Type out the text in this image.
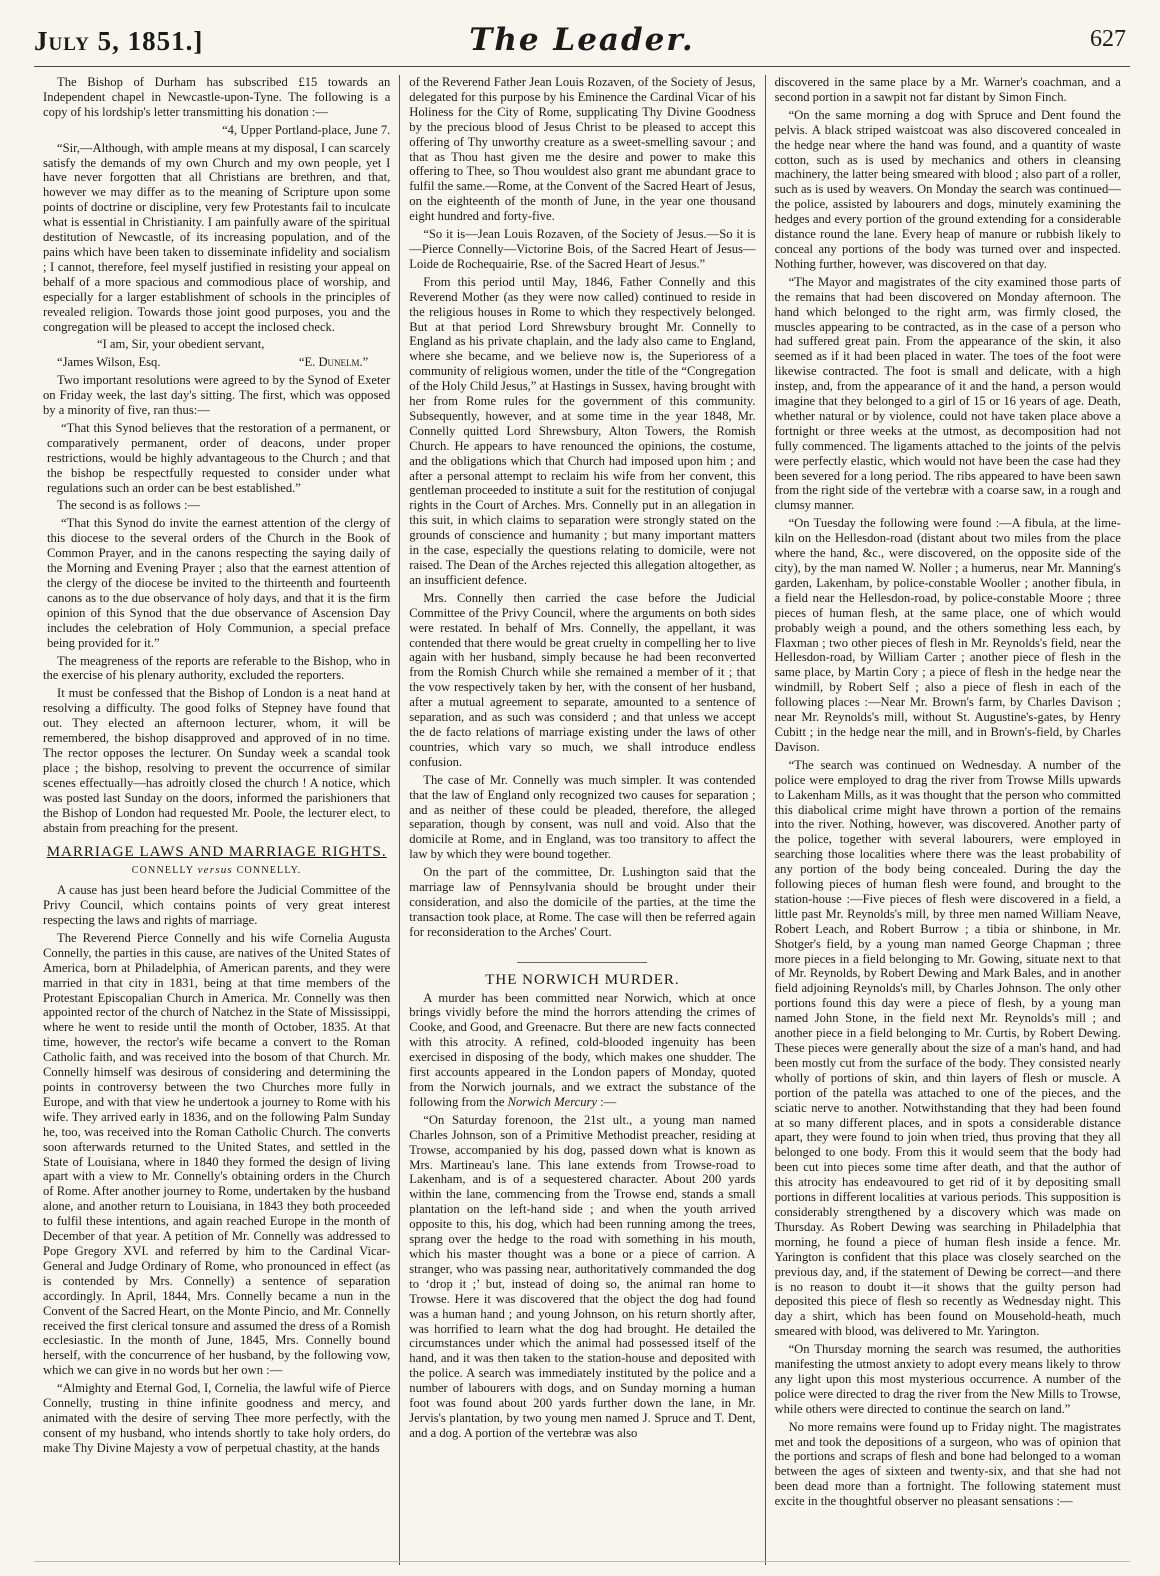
July 5, 1851.]	The Leader.	627

The Bishop of Durham has subscribed £15 towards an Independent chapel in Newcastle-upon-Tyne. The following is a copy of his lordship's letter transmitting his donation :—

“4, Upper Portland-place, June 7.

“Sir,—Although, with ample means at my disposal, I can scarcely satisfy the demands of my own Church and my own people, yet I have never forgotten that all Christians are brethren, and that, however we may differ as to the meaning of Scripture upon some points of doctrine or discipline, very few Protestants fail to inculcate what is essential in Christianity. I am painfully aware of the spiritual destitution of Newcastle, of its increasing population, and of the pains which have been taken to disseminate infidelity and socialism ; I cannot, therefore, feel myself justified in resisting your appeal on behalf of a more spacious and commodious place of worship, and especially for a larger establishment of schools in the principles of revealed religion. Towards those joint good purposes, you and the congregation will be pleased to accept the inclosed check.

“I am, Sir, your obedient servant,

“James Wilson, Esq.	“E. Dunelm.”

Two important resolutions were agreed to by the Synod of Exeter on Friday week, the last day's sitting. The first, which was opposed by a minority of five, ran thus:—

“That this Synod believes that the restoration of a permanent, or comparatively permanent, order of deacons, under proper restrictions, would be highly advantageous to the Church ; and that the bishop be respectfully requested to consider under what regulations such an order can be best established.”

The second is as follows :—

“That this Synod do invite the earnest attention of the clergy of this diocese to the several orders of the Church in the Book of Common Prayer, and in the canons respecting the saying daily of the Morning and Evening Prayer ; also that the earnest attention of the clergy of the diocese be invited to the thirteenth and fourteenth canons as to the due observance of holy days, and that it is the firm opinion of this Synod that the due observance of Ascension Day includes the celebration of Holy Communion, a special preface being provided for it.”

The meagreness of the reports are referable to the Bishop, who in the exercise of his plenary authority, excluded the reporters.

It must be confessed that the Bishop of London is a neat hand at resolving a difficulty. The good folks of Stepney have found that out. They elected an afternoon lecturer, whom, it will be remembered, the bishop disapproved and approved of in no time. The rector opposes the lecturer. On Sunday week a scandal took place ; the bishop, resolving to prevent the occurrence of similar scenes effectually—has adroitly closed the church ! A notice, which was posted last Sunday on the doors, informed the parishioners that the Bishop of London had requested Mr. Poole, the lecturer elect, to abstain from preaching for the present.

MARRIAGE LAWS AND MARRIAGE RIGHTS.
CONNELLY versus CONNELLY.

A cause has just been heard before the Judicial Committee of the Privy Council, which contains points of very great interest respecting the laws and rights of marriage.

The Reverend Pierce Connelly and his wife Cornelia Augusta Connelly, the parties in this cause, are natives of the United States of America, born at Philadelphia, of American parents, and they were married in that city in 1831, being at that time members of the Protestant Episcopalian Church in America. Mr. Connelly was then appointed rector of the church of Natchez in the State of Mississippi, where he went to reside until the month of October, 1835. At that time, however, the rector's wife became a convert to the Roman Catholic faith, and was received into the bosom of that Church. Mr. Connelly himself was desirous of considering and determining the points in controversy between the two Churches more fully in Europe, and with that view he undertook a journey to Rome with his wife. They arrived early in 1836, and on the following Palm Sunday he, too, was received into the Roman Catholic Church. The converts soon afterwards returned to the United States, and settled in the State of Louisiana, where in 1840 they formed the design of living apart with a view to Mr. Connelly's obtaining orders in the Church of Rome. After another journey to Rome, undertaken by the husband alone, and another return to Louisiana, in 1843 they both proceeded to fulfil these intentions, and again reached Europe in the month of December of that year. A petition of Mr. Connelly was addressed to Pope Gregory XVI. and referred by him to the Cardinal Vicar-General and Judge Ordinary of Rome, who pronounced in effect (as is contended by Mrs. Connelly) a sentence of separation accordingly. In April, 1844, Mrs. Connelly became a nun in the Convent of the Sacred Heart, on the Monte Pincio, and Mr. Connelly received the first clerical tonsure and assumed the dress of a Romish ecclesiastic. In the month of June, 1845, Mrs. Connelly bound herself, with the concurrence of her husband, by the following vow, which we can give in no words but her own :—

“Almighty and Eternal God, I, Cornelia, the lawful wife of Pierce Connelly, trusting in thine infinite goodness and mercy, and animated with the desire of serving Thee more perfectly, with the consent of my husband, who intends shortly to take holy orders, do make Thy Divine Majesty a vow of perpetual chastity, at the hands

of the Reverend Father Jean Louis Rozaven, of the Society of Jesus, delegated for this purpose by his Eminence the Cardinal Vicar of his Holiness for the City of Rome, supplicating Thy Divine Goodness by the precious blood of Jesus Christ to be pleased to accept this offering of Thy unworthy creature as a sweet-smelling savour ; and that as Thou hast given me the desire and power to make this offering to Thee, so Thou wouldest also grant me abundant grace to fulfil the same.—Rome, at the Convent of the Sacred Heart of Jesus, on the eighteenth of the month of June, in the year one thousand eight hundred and forty-five.

“So it is—Jean Louis Rozaven, of the Society of Jesus.—So it is—Pierce Connelly—Victorine Bois, of the Sacred Heart of Jesus—Loide de Rochequairie, Rse. of the Sacred Heart of Jesus.”

From this period until May, 1846, Father Connelly and this Reverend Mother (as they were now called) continued to reside in the religious houses in Rome to which they respectively belonged. But at that period Lord Shrewsbury brought Mr. Connelly to England as his private chaplain, and the lady also came to England, where she became, and we believe now is, the Superioress of a community of religious women, under the title of the “Congregation of the Holy Child Jesus,” at Hastings in Sussex, having brought with her from Rome rules for the government of this community. Subsequently, however, and at some time in the year 1848, Mr. Connelly quitted Lord Shrewsbury, Alton Towers, the Romish Church. He appears to have renounced the opinions, the costume, and the obligations which that Church had imposed upon him ; and after a personal attempt to reclaim his wife from her convent, this gentleman proceeded to institute a suit for the restitution of conjugal rights in the Court of Arches. Mrs. Connelly put in an allegation in this suit, in which claims to separation were strongly stated on the grounds of conscience and humanity ; but many important matters in the case, especially the questions relating to domicile, were not raised. The Dean of the Arches rejected this allegation altogether, as an insufficient defence.

Mrs. Connelly then carried the case before the Judicial Committee of the Privy Council, where the arguments on both sides were restated. In behalf of Mrs. Connelly, the appellant, it was contended that there would be great cruelty in compelling her to live again with her husband, simply because he had been reconverted from the Romish Church while she remained a member of it ; that the vow respectively taken by her, with the consent of her husband, after a mutual agreement to separate, amounted to a sentence of separation, and as such was considerd ; and that unless we accept the de facto relations of marriage existing under the laws of other countries, which vary so much, we shall introduce endless confusion.

The case of Mr. Connelly was much simpler. It was contended that the law of England only recognized two causes for separation ; and as neither of these could be pleaded, therefore, the alleged separation, though by consent, was null and void. Also that the domicile at Rome, and in England, was too transitory to affect the law by which they were bound together.

On the part of the committee, Dr. Lushington said that the marriage law of Pennsylvania should be brought under their consideration, and also the domicile of the parties, at the time the transaction took place, at Rome. The case will then be referred again for reconsideration to the Arches' Court.

THE NORWICH MURDER.

A murder has been committed near Norwich, which at once brings vividly before the mind the horrors attending the crimes of Cooke, and Good, and Greenacre. But there are new facts connected with this atrocity. A refined, cold-blooded ingenuity has been exercised in disposing of the body, which makes one shudder. The first accounts appeared in the London papers of Monday, quoted from the Norwich journals, and we extract the substance of the following from the Norwich Mercury :—

“On Saturday forenoon, the 21st ult., a young man named Charles Johnson, son of a Primitive Methodist preacher, residing at Trowse, accompanied by his dog, passed down what is known as Mrs. Martineau's lane. This lane extends from Trowse-road to Lakenham, and is of a sequestered character. About 200 yards within the lane, commencing from the Trowse end, stands a small plantation on the left-hand side ; and when the youth arrived opposite to this, his dog, which had been running among the trees, sprang over the hedge to the road with something in his mouth, which his master thought was a bone or a piece of carrion. A stranger, who was passing near, authoritatively commanded the dog to ‘drop it ;’ but, instead of doing so, the animal ran home to Trowse. Here it was discovered that the object the dog had found was a human hand ; and young Johnson, on his return shortly after, was horrified to learn what the dog had brought. He detailed the circumstances under which the animal had possessed itself of the hand, and it was then taken to the station-house and deposited with the police. A search was immediately instituted by the police and a number of labourers with dogs, and on Sunday morning a human foot was found about 200 yards further down the lane, in Mr. Jervis's plantation, by two young men named J. Spruce and T. Dent, and a dog. A portion of the vertebræ was also

discovered in the same place by a Mr. Warner's coachman, and a second portion in a sawpit not far distant by Simon Finch.

“On the same morning a dog with Spruce and Dent found the pelvis. A black striped waistcoat was also discovered concealed in the hedge near where the hand was found, and a quantity of waste cotton, such as is used by mechanics and others in cleansing machinery, the latter being smeared with blood ; also part of a roller, such as is used by weavers. On Monday the search was continued—the police, assisted by labourers and dogs, minutely examining the hedges and every portion of the ground extending for a considerable distance round the lane. Every heap of manure or rubbish likely to conceal any portions of the body was turned over and inspected. Nothing further, however, was discovered on that day.

“The Mayor and magistrates of the city examined those parts of the remains that had been discovered on Monday afternoon. The hand which belonged to the right arm, was firmly closed, the muscles appearing to be contracted, as in the case of a person who had suffered great pain. From the appearance of the skin, it also seemed as if it had been placed in water. The toes of the foot were likewise contracted. The foot is small and delicate, with a high instep, and, from the appearance of it and the hand, a person would imagine that they belonged to a girl of 15 or 16 years of age. Death, whether natural or by violence, could not have taken place above a fortnight or three weeks at the utmost, as decomposition had not fully commenced. The ligaments attached to the joints of the pelvis were perfectly elastic, which would not have been the case had they been severed for a long period. The ribs appeared to have been sawn from the right side of the vertebræ with a coarse saw, in a rough and clumsy manner.

“On Tuesday the following were found :—A fibula, at the lime-kiln on the Hellesdon-road (distant about two miles from the place where the hand, &c., were discovered, on the opposite side of the city), by the man named W. Noller ; a humerus, near Mr. Manning's garden, Lakenham, by police-constable Wooller ; another fibula, in a field near the Hellesdon-road, by police-constable Moore ; three pieces of human flesh, at the same place, one of which would probably weigh a pound, and the others something less each, by Flaxman ; two other pieces of flesh in Mr. Reynolds's field, near the Hellesdon-road, by William Carter ; another piece of flesh in the same place, by Martin Cory ; a piece of flesh in the hedge near the windmill, by Robert Self ; also a piece of flesh in each of the following places :—Near Mr. Brown's farm, by Charles Davison ; near Mr. Reynolds's mill, without St. Augustine's-gates, by Henry Cubitt ; in the hedge near the mill, and in Brown's-field, by Charles Davison.

“The search was continued on Wednesday. A number of the police were employed to drag the river from Trowse Mills upwards to Lakenham Mills, as it was thought that the person who committed this diabolical crime might have thrown a portion of the remains into the river. Nothing, however, was discovered. Another party of the police, together with several labourers, were employed in searching those localities where there was the least probability of any portion of the body being concealed. During the day the following pieces of human flesh were found, and brought to the station-house :—Five pieces of flesh were discovered in a field, a little past Mr. Reynolds's mill, by three men named William Neave, Robert Leach, and Robert Burrow ; a tibia or shinbone, in Mr. Shotger's field, by a young man named George Chapman ; three more pieces in a field belonging to Mr. Gowing, situate next to that of Mr. Reynolds, by Robert Dewing and Mark Bales, and in another field adjoining Reynolds's mill, by Charles Johnson. The only other portions found this day were a piece of flesh, by a young man named John Stone, in the field next Mr. Reynolds's mill ; and another piece in a field belonging to Mr. Curtis, by Robert Dewing. These pieces were generally about the size of a man's hand, and had been mostly cut from the surface of the body. They consisted nearly wholly of portions of skin, and thin layers of flesh or muscle. A portion of the patella was attached to one of the pieces, and the sciatic nerve to another. Notwithstanding that they had been found at so many different places, and in spots a considerable distance apart, they were found to join when tried, thus proving that they all belonged to one body. From this it would seem that the body had been cut into pieces some time after death, and that the author of this atrocity has endeavoured to get rid of it by depositing small portions in different localities at various periods. This supposition is considerably strengthened by a discovery which was made on Thursday. As Robert Dewing was searching in Philadelphia that morning, he found a piece of human flesh inside a fence. Mr. Yarington is confident that this place was closely searched on the previous day, and, if the statement of Dewing be correct—and there is no reason to doubt it—it shows that the guilty person had deposited this piece of flesh so recently as Wednesday night. This day a shirt, which has been found on Mousehold-heath, much smeared with blood, was delivered to Mr. Yarington.

“On Thursday morning the search was resumed, the authorities manifesting the utmost anxiety to adopt every means likely to throw any light upon this most mysterious occurrence. A number of the police were directed to drag the river from the New Mills to Trowse, while others were directed to continue the search on land.”

No more remains were found up to Friday night. The magistrates met and took the depositions of a surgeon, who was of opinion that the portions and scraps of flesh and bone had belonged to a woman between the ages of sixteen and twenty-six, and that she had not been dead more than a fortnight. The following statement must excite in the thoughtful observer no pleasant sensations :—
